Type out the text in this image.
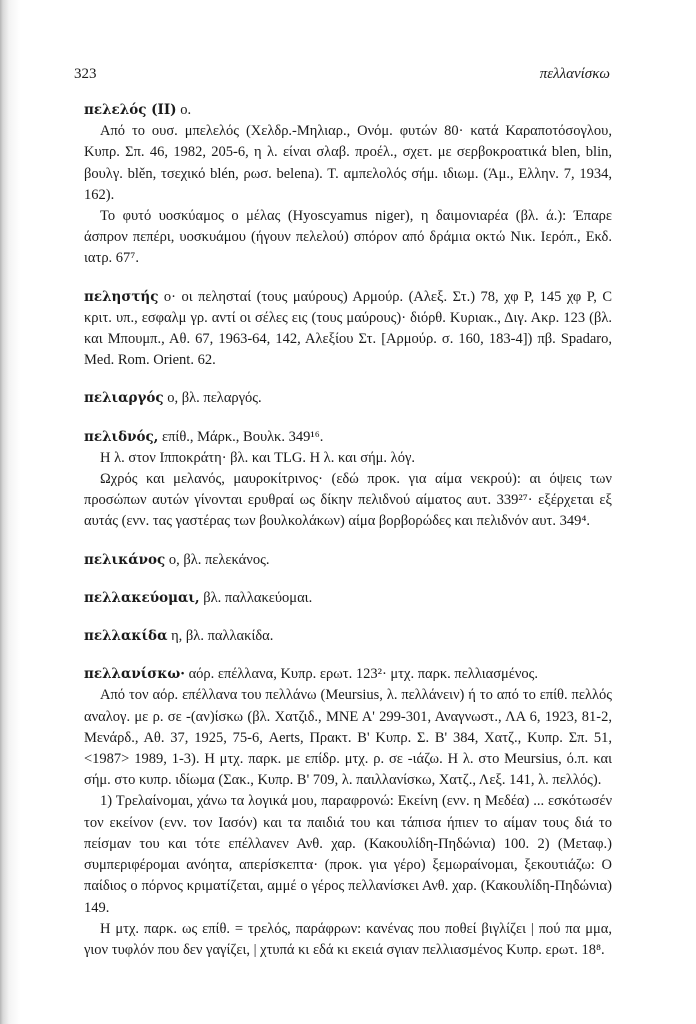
323	πελλανίσκω

πελελός (ΙΙ) ο.

Από το ουσ. μπελελός (Χελδρ.-Μηλιαρ., Ονόμ. φυτών 80· κατά Καραποτόσογλου, Κυπρ. Σπ. 46, 1982, 205-6, η λ. είναι σλαβ. προέλ., σχετ. με σερβοκροατικά blen, blin, βουλγ. blěn, τσεχικό blén, ρωσ. belena). Τ. αμπελολός σήμ. ιδιωμ. (Άμ., Ελλην. 7, 1934, 162).

Το φυτό υοσκύαμος ο μέλας (Hyoscyamus niger), η δαιμονιαρέα (βλ. ά.): Έπαρε άσπρον πεπέρι, υοσκυάμου (ήγουν πελελού) σπόρον από δράμια οκτώ Νικ. Ιερόπ., Εκδ. ιατρ. 67⁷.

πεληστής ο· οι πελησταί (τους μαύρους) Αρμούρ. (Αλεξ. Στ.) 78, χφ P, 145 χφ P, C κριτ. υπ., εσφαλμ γρ. αντί οι σέλες εις (τους μαύρους)· διόρθ. Κυριακ., Διγ. Ακρ. 123 (βλ. και Μπουμπ., Αθ. 67, 1963-64, 142, Αλεξίου Στ. [Αρμούρ. σ. 160, 183-4]) πβ. Spadaro, Med. Rom. Orient. 62.

πελιαργός ο, βλ. πελαργός.

πελιδνός, επίθ., Μάρκ., Βουλκ. 349¹⁶.

Η λ. στον Ιπποκράτη· βλ. και TLG. Η λ. και σήμ. λόγ.

Ωχρός και μελανός, μαυροκίτρινος· (εδώ προκ. για αίμα νεκρού): αι όψεις των προσώπων αυτών γίνονται ερυθραί ως δίκην πελιδνού αίματος αυτ. 339²⁷· εξέρχεται εξ αυτάς (ενν. τας γαστέρας των βουλκολάκων) αίμα βορβορώδες και πελιδνόν αυτ. 349⁴.

πελικάνος ο, βλ. πελεκάνος.

πελλακεύομαι, βλ. παλλακεύομαι.

πελλακίδα η, βλ. παλλακίδα.

πελλανίσκω· αόρ. επέλλανα, Κυπρ. ερωτ. 123²· μτχ. παρκ. πελλιασμένος.

Από τον αόρ. επέλλανα του πελλάνω (Meursius, λ. πελλάνειν) ή το από το επίθ. πελλός αναλογ. με ρ. σε -(αν)ίσκω (βλ. Χατζιδ., ΜΝΕ Α' 299-301, Αναγνωστ., ΛΑ 6, 1923, 81-2, Μενάρδ., Αθ. 37, 1925, 75-6, Aerts, Πρακτ. Β' Κυπρ. Σ. Β' 384, Χατζ., Κυπρ. Σπ. 51, <1987> 1989, 1-3). Η μτχ. παρκ. με επίδρ. μτχ. ρ. σε -ιάζω. Η λ. στο Meursius, ό.π. και σήμ. στο κυπρ. ιδίωμα (Σακ., Κυπρ. Β' 709, λ. παιλλανίσκω, Χατζ., Λεξ. 141, λ. πελλός).

1) Τρελαίνομαι, χάνω τα λογικά μου, παραφρονώ: Εκείνη (ενν. η Μεδέα) ... εσκότωσέν τον εκείνον (ενν. τον Ιασόν) και τα παιδιά του και τάπισα ήπιεν το αίμαν τους διά το πείσμαν του και τότε επέλλανεν Ανθ. χαρ. (Κακουλίδη-Πηδώνια) 100. 2) (Μεταφ.) συμπεριφέρομαι ανόητα, απερίσκεπτα· (προκ. για γέρο) ξεμωραίνομαι, ξεκουτιάζω: Ο παίδιος ο πόρνος κριματίζεται, αμμέ ο γέρος πελλανίσκει Ανθ. χαρ. (Κακουλίδη-Πηδώνια) 149.

Η μτχ. παρκ. ως επίθ. = τρελός, παράφρων: κανένας που ποθεί βιγλίζει | πού πα μμα, γιον τυφλόν που δεν γαγίζει, | χτυπά κι εδά κι εκειά σγιαν πελλιασμένος Κυπρ. ερωτ. 18⁸.
